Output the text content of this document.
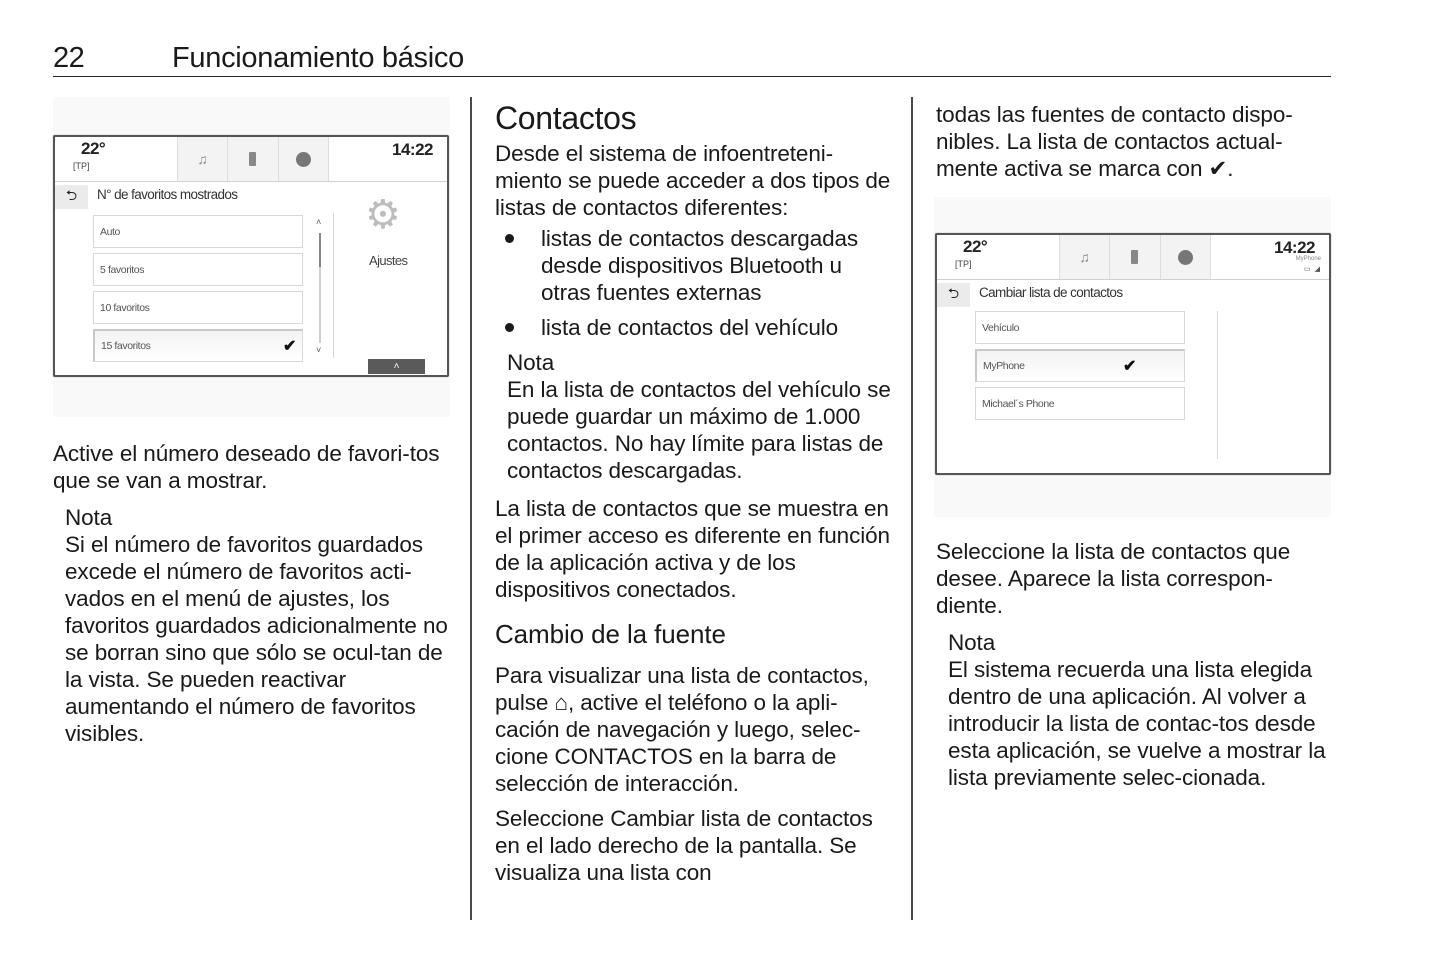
22	Funcionamiento básico
22°
[TP]	♫	14:22
⮌ N° de favoritos mostrados
Auto
5 favoritos
10 favoritos
15 favoritos	✔
˄
˅
⚙
Ajustes
˄

Active el número deseado de favori-tos que se van a mostrar.

Nota

Si el número de favoritos guardados excede el número de favoritos acti-vados en el menú de ajustes, los favoritos guardados adicionalmente no se borran sino que sólo se ocul-tan de la vista. Se pueden reactivar aumentando el número de favoritos visibles.

Contactos

Desde el sistema de infoentreteni-miento se puede acceder a dos tipos de listas de contactos diferentes:

listas de contactos descargadas desde dispositivos Bluetooth u otras fuentes externas
lista de contactos del vehículo

Nota

En la lista de contactos del vehículo se puede guardar un máximo de 1.000 contactos. No hay límite para listas de contactos descargadas.

La lista de contactos que se muestra en el primer acceso es diferente en función de la aplicación activa y de los dispositivos conectados.

Cambio de la fuente

Para visualizar una lista de contactos, pulse ⌂, active el teléfono o la apli-cación de navegación y luego, selec-cione CONTACTOS en la barra de selección de interacción.

Seleccione Cambiar lista de contactos en el lado derecho de la pantalla. Se visualiza una lista con

todas las fuentes de contacto dispo-nibles. La lista de contactos actual-mente activa se marca con ✔.

22°
[TP]	♫	14:22
MyPhone
▭ ◢
⮌ Cambiar lista de contactos
Vehículo
MyPhone	✔
Michael´s Phone

Seleccione la lista de contactos que desee. Aparece la lista correspon-diente.

Nota

El sistema recuerda una lista elegida dentro de una aplicación. Al volver a introducir la lista de contac-tos desde esta aplicación, se vuelve a mostrar la lista previamente selec-cionada.
